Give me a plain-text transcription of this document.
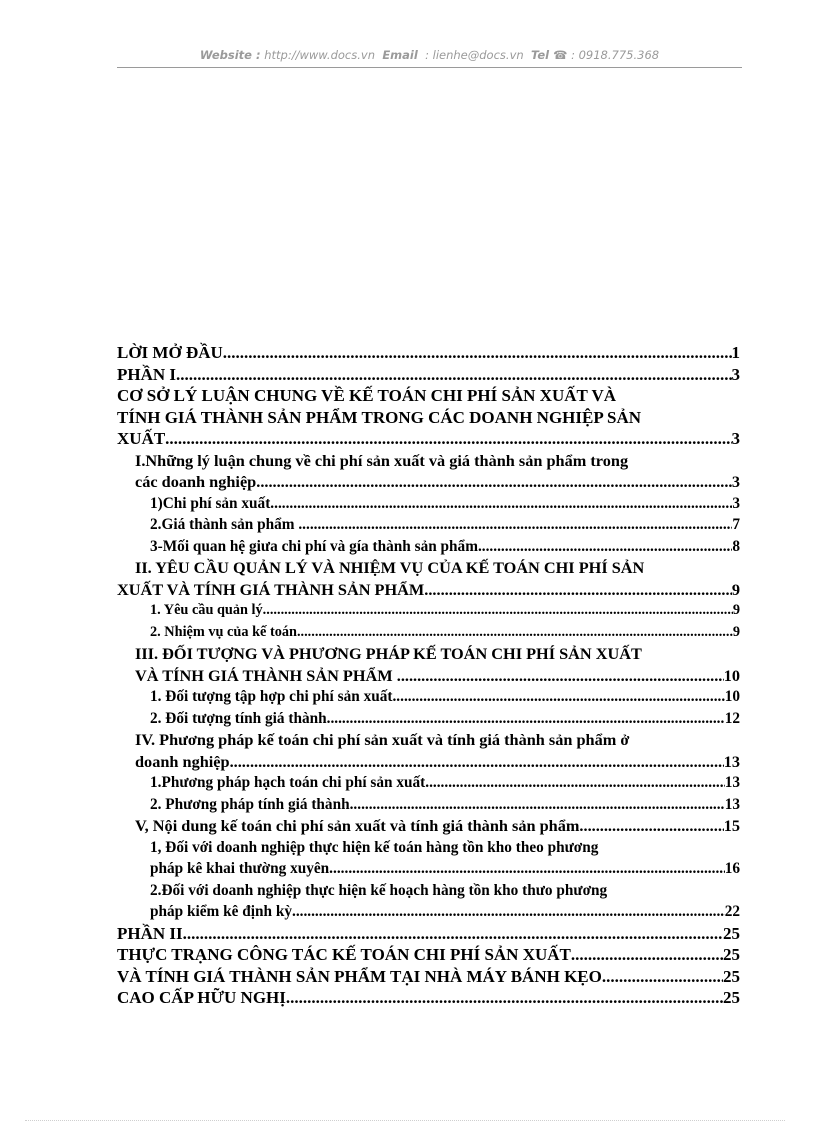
Website : http://www.docs.vn Email : lienhe@docs.vn Tel ☎ : 0918.775.368
LỜI MỞ ĐẦU .....	1
PHẦN I .....	3
CƠ SỞ LÝ LUẬN CHUNG VỀ KẾ TOÁN CHI PHÍ SẢN XUẤT VÀ
TÍNH GIÁ THÀNH SẢN PHẨM TRONG CÁC DOANH NGHIỆP SẢN
XUẤT .....	3
I.Những lý luận chung về chi phí sản xuất và giá thành sản phẩm trong
các doanh nghiệp .....	3
1)Chi phí sản xuất .....	3
2.Giá thành sản phẩm . .....	7
3-Mối quan hệ giưa chi phí và gía thành sản phẩm .....	8
II. YÊU CẦU QUẢN LÝ VÀ NHIỆM VỤ CỦA KẾ TOÁN CHI PHÍ SẢN
XUẤT VÀ TÍNH GIÁ THÀNH SẢN PHẨM .....	9
1. Yêu cầu quản lý. .....	9
2. Nhiệm vụ của kế toán. .....	9
III. ĐỐI TƯỢNG VÀ PHƯƠNG PHÁP KẾ TOÁN CHI PHÍ SẢN XUẤT
VÀ TÍNH GIÁ THÀNH SẢN PHẨM . .....	10
1. Đối tượng tập hợp chi phí sản xuất .....	10
2. Đối tượng tính giá thành. .....	12
IV. Phương pháp kế toán chi phí sản xuất và tính giá thành sản phẩm ở
doanh nghiệp. .....	13
1.Phương pháp hạch toán chi phí sản xuất. .....	13
2. Phương pháp tính giá thành .....	13
V, Nội dung kế toán chi phí sản xuất và tính giá thành sản phẩm. .....	15
1, Đối với doanh nghiệp thực hiện kế toán hàng tồn kho theo phương
pháp kê khai thường xuyên. .....	16
2.Đối với doanh nghiệp thực hiện kế hoạch hàng tồn kho thưo phương
pháp kiểm kê định kỳ. .....	22
PHẦN II .....	25
THỰC TRẠNG CÔNG TÁC KẾ TOÁN CHI PHÍ SẢN XUẤT .....	25
VÀ TÍNH GIÁ THÀNH SẢN PHẨM TẠI NHÀ MÁY BÁNH KẸO .....	25
CAO CẤP HỮU NGHỊ .....	25
